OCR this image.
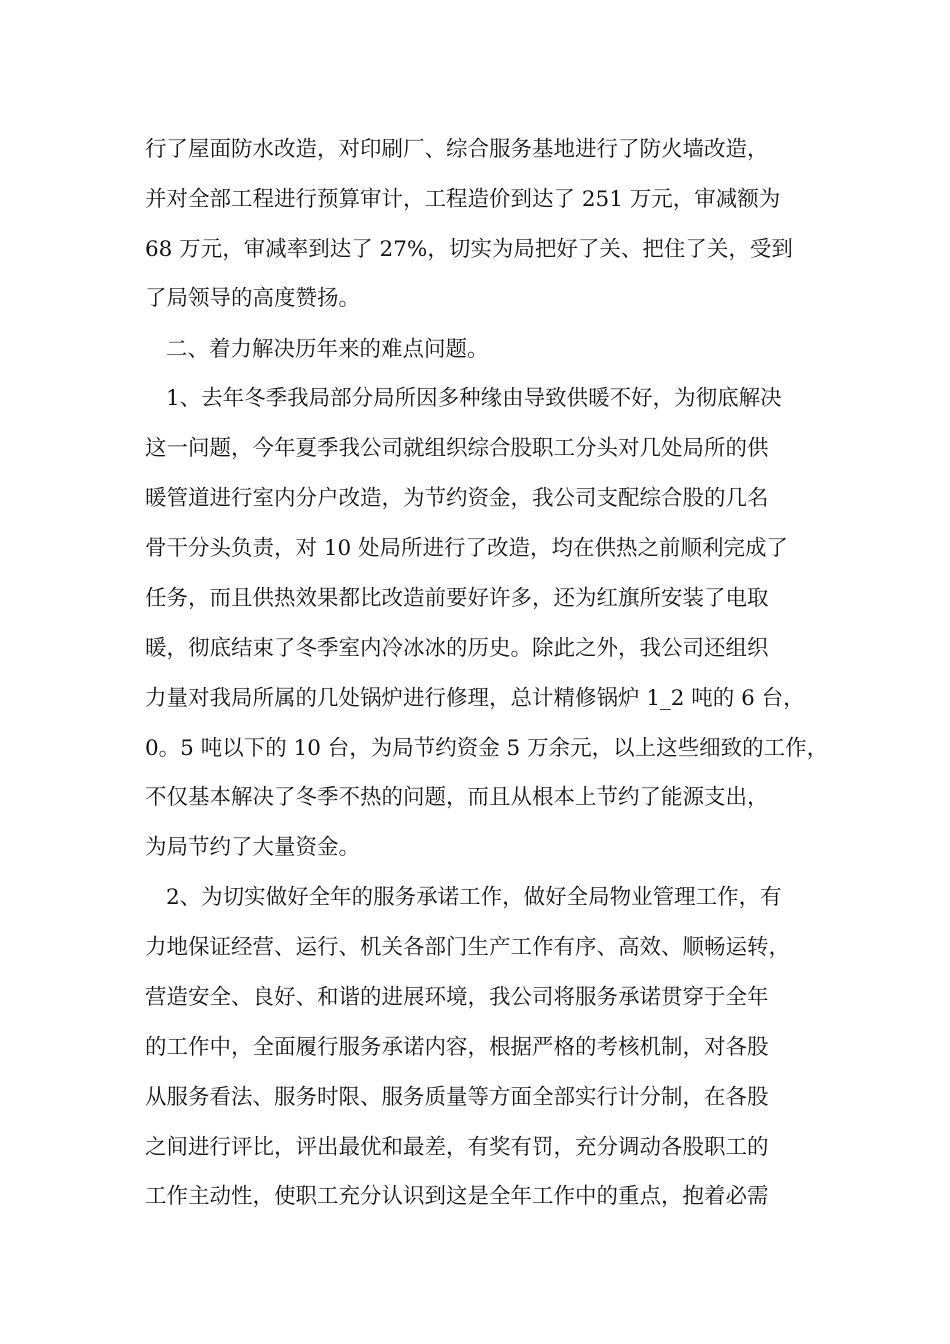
行了屋面防水改造，对印刷厂、综合服务基地进行了防火墙改造，
并对全部工程进行预算审计，工程造价到达了 251 万元，审减额为
68 万元，审减率到达了 27%，切实为局把好了关、把住了关，受到
了局领导的高度赞扬。
二、着力解决历年来的难点问题。
1、去年冬季我局部分局所因多种缘由导致供暖不好，为彻底解决
这一问题，今年夏季我公司就组织综合股职工分头对几处局所的供
暖管道进行室内分户改造，为节约资金，我公司支配综合股的几名
骨干分头负责，对 10 处局所进行了改造，均在供热之前顺利完成了
任务，而且供热效果都比改造前要好许多，还为红旗所安装了电取
暖，彻底结束了冬季室内冷冰冰的历史。除此之外，我公司还组织
力量对我局所属的几处锅炉进行修理，总计精修锅炉 1_2 吨的 6 台，
0。5 吨以下的 10 台，为局节约资金 5 万余元，以上这些细致的工作，
不仅基本解决了冬季不热的问题，而且从根本上节约了能源支出，
为局节约了大量资金。
2、为切实做好全年的服务承诺工作，做好全局物业管理工作，有
力地保证经营、运行、机关各部门生产工作有序、高效、顺畅运转，
营造安全、良好、和谐的进展环境，我公司将服务承诺贯穿于全年
的工作中，全面履行服务承诺内容，根据严格的考核机制，对各股
从服务看法、服务时限、服务质量等方面全部实行计分制，在各股
之间进行评比，评出最优和最差，有奖有罚，充分调动各股职工的
工作主动性，使职工充分认识到这是全年工作中的重点，抱着必需
